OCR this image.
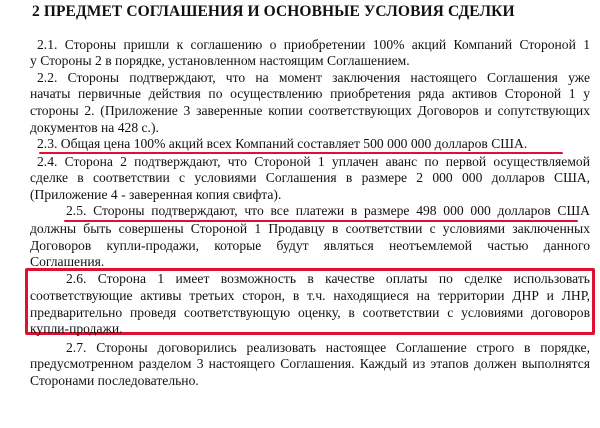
2 ПРЕДМЕТ СОГЛАШЕНИЯ И ОСНОВНЫЕ УСЛОВИЯ СДЕЛКИ
2.1. Стороны пришли к соглашению о приобретении 100% акций Компаний Стороной 1
у Стороны 2 в порядке, установленном настоящим Соглашением.
2.2. Стороны подтверждают, что на момент заключения настоящего Соглашения уже
начаты первичные действия по осуществлению приобретения ряда активов Стороной 1 у
стороны 2. (Приложение 3 заверенные копии соответствующих Договоров и сопутствующих
документов на 428 с.).
2.3. Общая цена 100% акций всех Компаний составляет 500 000 000 долларов США.
2.4. Сторона 2 подтверждают, что Стороной 1 уплачен аванс по первой осуществляемой
сделке в соответствии с условиями Соглашения в размере 2 000 000 долларов США,
(Приложение 4 - заверенная копия свифта).
2.5. Стороны подтверждают, что все платежи в размере 498 000 000 долларов США
должны быть совершены Стороной 1 Продавцу в соответствии с условиями заключенных
Договоров купли-продажи, которые будут являться неотъемлемой частью данного
Соглашения.
2.6. Сторона 1 имеет возможность в качестве оплаты по сделке использовать
соответствующие активы третьих сторон, в т.ч. находящиеся на территории ДНР и ЛНР,
предварительно проведя соответствующую оценку, в соответствии с условиями договоров
купли-продажи.
2.7. Стороны договорились реализовать настоящее Соглашение строго в порядке,
предусмотренном разделом 3 настоящего Соглашения. Каждый из этапов должен выполнятся
Сторонами последовательно.
